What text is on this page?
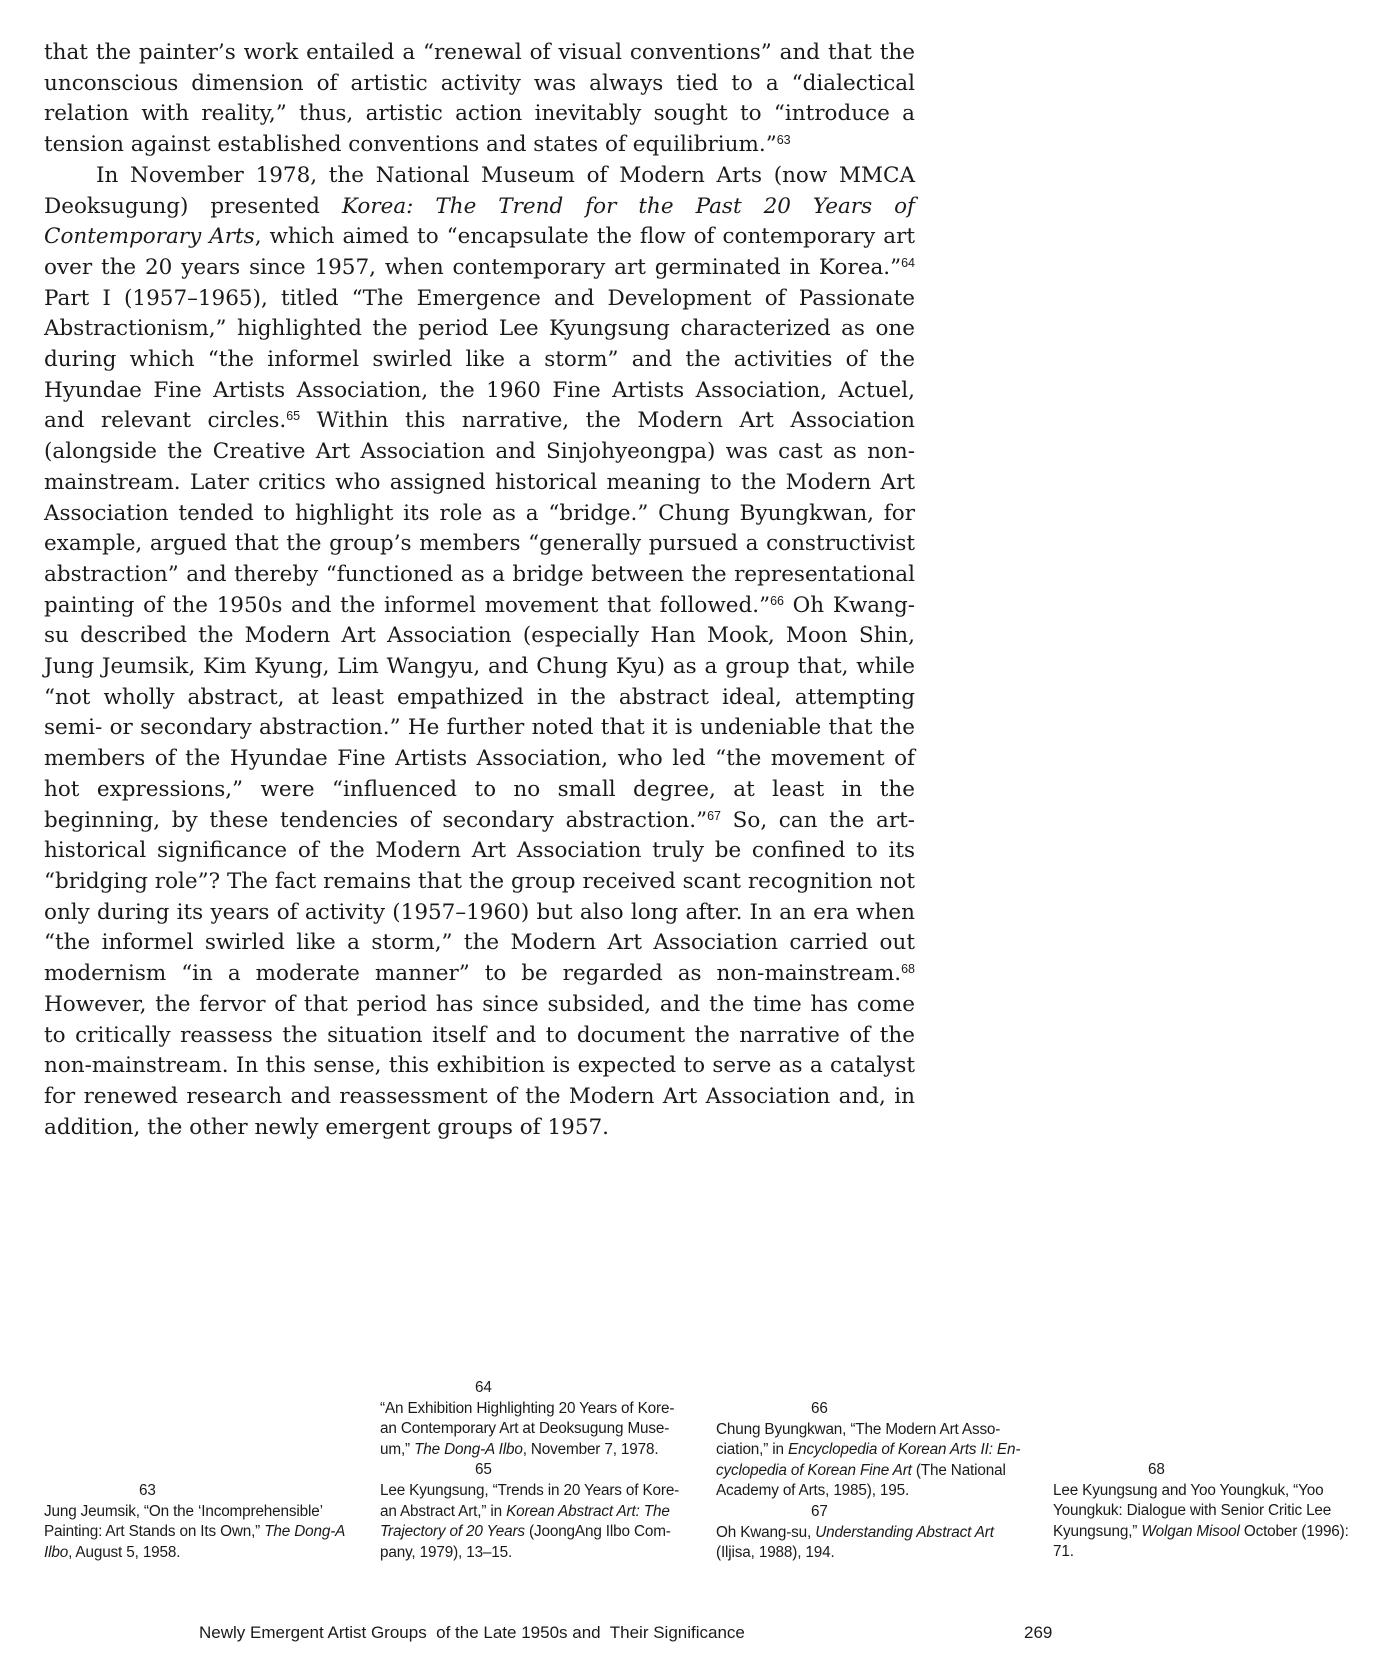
that the painter’s work entailed a “renewal of visual conventions” and that the unconscious dimension of artistic activity was always tied to a “dialectical relation with reality,” thus, artistic action inevitably sought to “introduce a tension against established conventions and states of equilibrium.”$^{63}$

In November 1978, the National Museum of Modern Arts (now MMCA Deoksugung) presented Korea: The Trend for the Past 20 Years of Contemporary Arts, which aimed to “encapsulate the flow of contemporary art over the 20 years since 1957, when contemporary art germinated in Korea.”$^{64}$ Part I (1957–1965), titled “The Emergence and Development of Passionate Abstractionism,” highlighted the period Lee Kyungsung characterized as one during which “the informel swirled like a storm” and the activities of the Hyundae Fine Artists Association, the 1960 Fine Artists Association, Actuel, and relevant circles.$^{65}$ Within this narrative, the Modern Art Association (alongside the Creative Art Association and Sinjohyeongpa) was cast as non-mainstream. Later critics who assigned historical meaning to the Modern Art Association tended to highlight its role as a “bridge.” Chung Byungkwan, for example, argued that the group’s members “generally pursued a constructivist abstraction” and thereby “functioned as a bridge between the representational painting of the 1950s and the informel movement that followed.”$^{66}$ Oh Kwang-su described the Modern Art Association (especially Han Mook, Moon Shin, Jung Jeumsik, Kim Kyung, Lim Wangyu, and Chung Kyu) as a group that, while “not wholly abstract, at least empathized in the abstract ideal, attempting semi- or secondary abstraction.” He further noted that it is undeniable that the members of the Hyundae Fine Artists Association, who led “the movement of hot expressions,” were “influenced to no small degree, at least in the beginning, by these tendencies of secondary abstraction.”$^{67}$ So, can the art-historical significance of the Modern Art Association truly be confined to its “bridging role”? The fact remains that the group received scant recognition not only during its years of activity (1957–1960) but also long after. In an era when “the informel swirled like a storm,” the Modern Art Association carried out modernism “in a moderate manner” to be regarded as non-mainstream.$^{68}$ However, the fervor of that period has since subsided, and the time has come to critically reassess the situation itself and to document the narrative of the non-mainstream. In this sense, this exhibition is expected to serve as a catalyst for renewed research and reassessment of the Modern Art Association and, in addition, the other newly emergent groups of 1957.

63
Jung Jeumsik, “On the ‘Incomprehensible’ Painting: Art Stands on Its Own,” The Dong-A Ilbo, August 5, 1958.
64
“An Exhibition Highlighting 20 Years of Korean Contemporary Art at Deoksugung Museum,” The Dong-A Ilbo, November 7, 1978.
65
Lee Kyungsung, “Trends in 20 Years of Korean Abstract Art,” in Korean Abstract Art: The Trajectory of 20 Years (JoongAng Ilbo Company, 1979), 13–15.
66
Chung Byungkwan, “The Modern Art Association,” in Encyclopedia of Korean Arts II: Encyclopedia of Korean Fine Art (The National Academy of Arts, 1985), 195.
67
Oh Kwang-su, Understanding Abstract Art (Iljisa, 1988), 194.
68
Lee Kyungsung and Yoo Youngkuk, “Yoo Youngkuk: Dialogue with Senior Critic Lee Kyungsung,” Wolgan Misool October (1996): 71.
Newly Emergent Artist Groups  of the Late 1950s and  Their Significance	269
